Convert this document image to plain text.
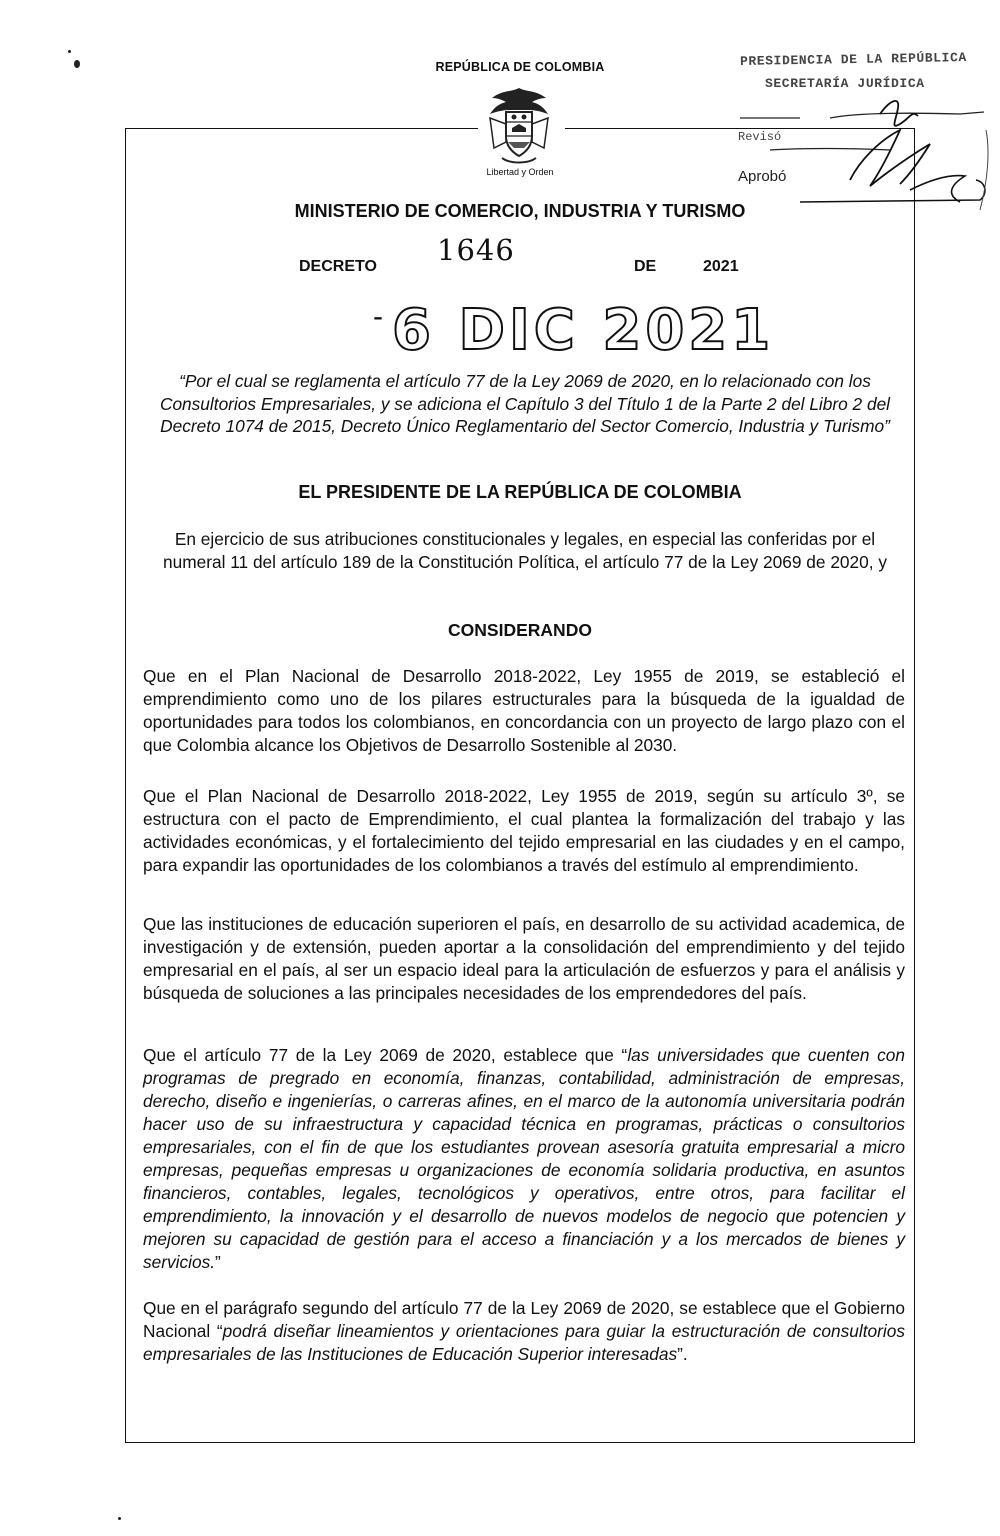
REPÚBLICA DE COLOMBIA
Libertad y Orden
MINISTERIO DE COMERCIO, INDUSTRIA Y TURISMO
DECRETO 1646	DE	2021
- 6 DIC 2021
PRESIDENCIA DE LA REPÚBLICA
SECRETARÍA JURÍDICA
Revisó
Aprobó
“Por el cual se reglamenta el artículo 77 de la Ley 2069 de 2020, en lo relacionado con los Consultorios Empresariales, y se adiciona el Capítulo 3 del Título 1 de la Parte 2 del Libro 2 del Decreto 1074 de 2015, Decreto Único Reglamentario del Sector Comercio, Industria y Turismo”
EL PRESIDENTE DE LA REPÚBLICA DE COLOMBIA
En ejercicio de sus atribuciones constitucionales y legales, en especial las conferidas por el numeral 11 del artículo 189 de la Constitución Política, el artículo 77 de la Ley 2069 de 2020, y
CONSIDERANDO
Que en el Plan Nacional de Desarrollo 2018-2022, Ley 1955 de 2019, se estableció el emprendimiento como uno de los pilares estructurales para la búsqueda de la igualdad de oportunidades para todos los colombianos, en concordancia con un proyecto de largo plazo con el que Colombia alcance los Objetivos de Desarrollo Sostenible al 2030.
Que el Plan Nacional de Desarrollo 2018-2022, Ley 1955 de 2019, según su artículo 3º, se estructura con el pacto de Emprendimiento, el cual plantea la formalización del trabajo y las actividades económicas, y el fortalecimiento del tejido empresarial en las ciudades y en el campo, para expandir las oportunidades de los colombianos a través del estímulo al emprendimiento.
Que las instituciones de educación superioren el país, en desarrollo de su actividad academica, de investigación y de extensión, pueden aportar a la consolidación del emprendimiento y del tejido empresarial en el país, al ser un espacio ideal para la articulación de esfuerzos y para el análisis y búsqueda de soluciones a las principales necesidades de los emprendedores del país.
Que el artículo 77 de la Ley 2069 de 2020, establece que “las universidades que cuenten con programas de pregrado en economía, finanzas, contabilidad, administración de empresas, derecho, diseño e ingenierías, o carreras afines, en el marco de la autonomía universitaria podrán hacer uso de su infraestructura y capacidad técnica en programas, prácticas o consultorios empresariales, con el fin de que los estudiantes provean asesoría gratuita empresarial a micro empresas, pequeñas empresas u organizaciones de economía solidaria productiva, en asuntos financieros, contables, legales, tecnológicos y operativos, entre otros, para facilitar el emprendimiento, la innovación y el desarrollo de nuevos modelos de negocio que potencien y mejoren su capacidad de gestión para el acceso a financiación y a los mercados de bienes y servicios.”
Que en el parágrafo segundo del artículo 77 de la Ley 2069 de 2020, se establece que el Gobierno Nacional “podrá diseñar lineamientos y orientaciones para guiar la estructuración de consultorios empresariales de las Instituciones de Educación Superior interesadas”.
